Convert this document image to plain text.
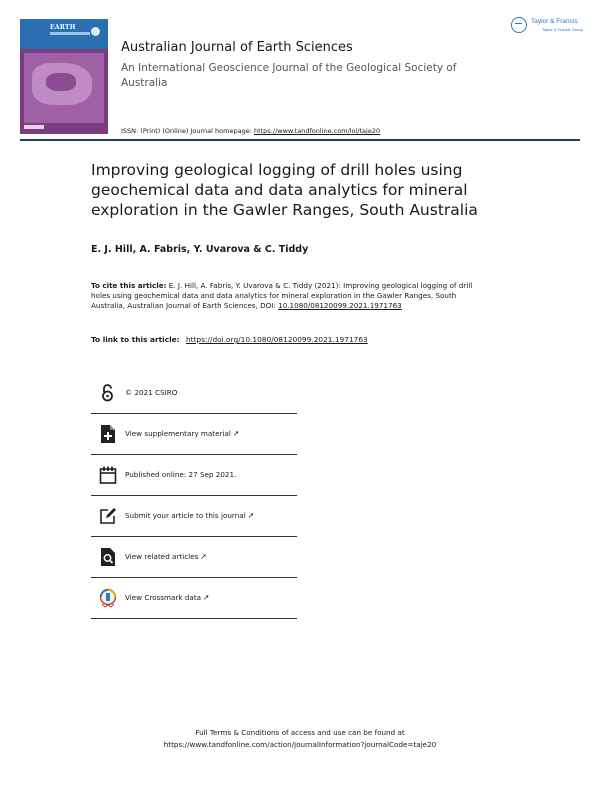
EARTH
Taylor & Francis
Taylor & Francis Group
Australian Journal of Earth Sciences
An International Geoscience Journal of the Geological Society of Australia
ISSN: (Print) (Online) Journal homepage: https://www.tandfonline.com/loi/taje20
Improving geological logging of drill holes using geochemical data and data analytics for mineral exploration in the Gawler Ranges, South Australia
E. J. Hill, A. Fabris, Y. Uvarova & C. Tiddy
To cite this article: E. J. Hill, A. Fabris, Y. Uvarova & C. Tiddy (2021): Improving geological logging of drill holes using geochemical data and data analytics for mineral exploration in the Gawler Ranges, South Australia, Australian Journal of Earth Sciences, DOI: 10.1080/08120099.2021.1971763
To link to this article: https://doi.org/10.1080/08120099.2021.1971763
© 2021 CSIRO
View supplementary material ↗
Published online: 27 Sep 2021.
Submit your article to this journal ↗
View related articles ↗
View Crossmark data ↗
Full Terms & Conditions of access and use can be found at
https://www.tandfonline.com/action/journalInformation?journalCode=taje20
